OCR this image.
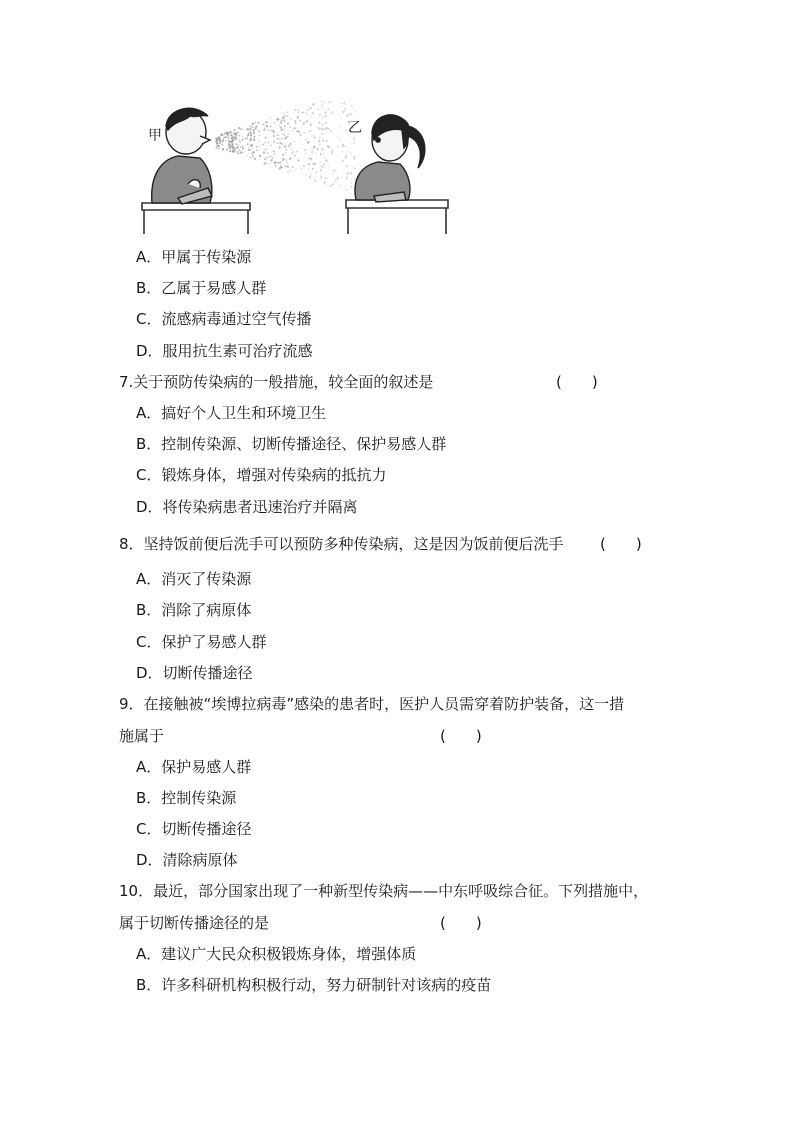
甲	乙
A．甲属于传染源
B．乙属于易感人群
C．流感病毒通过空气传播
D．服用抗生素可治疗流感
7.关于预防传染病的一般措施，较全面的叙述是	(　　)
A．搞好个人卫生和环境卫生
B．控制传染源、切断传播途径、保护易感人群
C．锻炼身体，增强对传染病的抵抗力
D．将传染病患者迅速治疗并隔离
8．坚持饭前便后洗手可以预防多种传染病，这是因为饭前便后洗手 (　　)
A．消灭了传染源
B．消除了病原体
C．保护了易感人群
D．切断传播途径
9．在接触被“埃博拉病毒”感染的患者时，医护人员需穿着防护装备，这一措
施属于	(　　)
A．保护易感人群
B．控制传染源
C．切断传播途径
D．清除病原体
10．最近，部分国家出现了一种新型传染病——中东呼吸综合征。下列措施中，
属于切断传播途径的是	(　　)
A．建议广大民众积极锻炼身体，增强体质
B．许多科研机构积极行动，努力研制针对该病的疫苗
